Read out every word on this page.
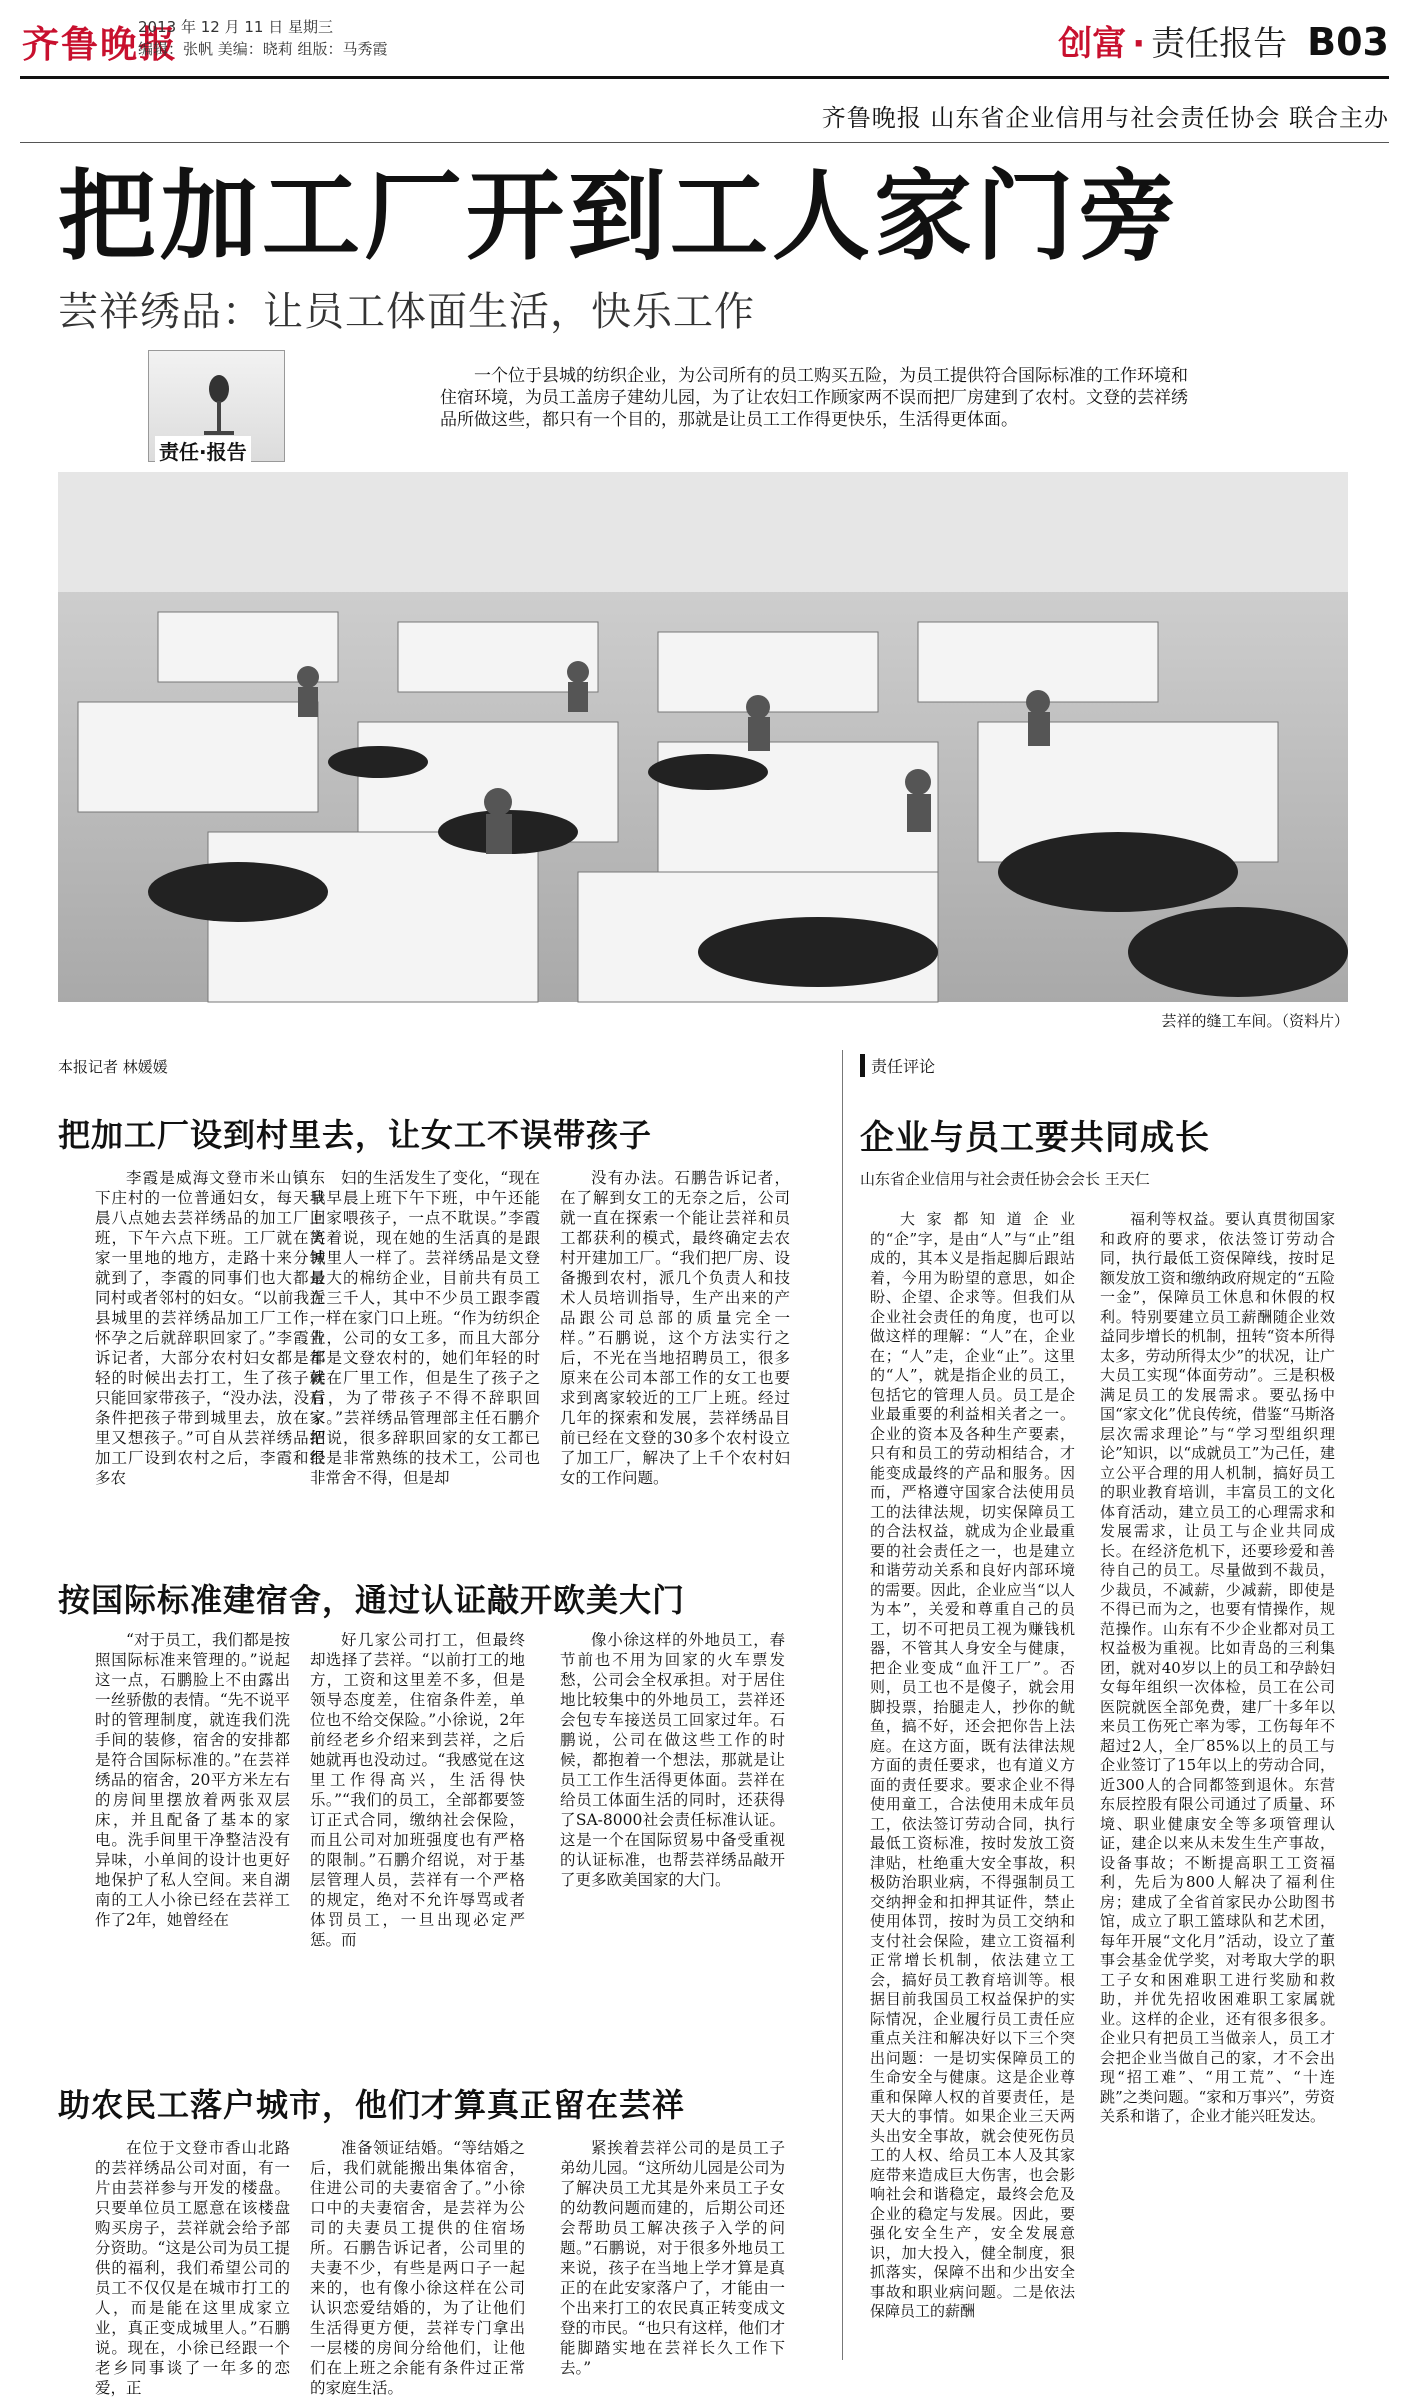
齐鲁晚报
2013 年 12 月 11 日 星期三
编辑：张帆 美编：晓莉 组版：马秀霞	创富 · 责任报告 B03
齐鲁晚报 山东省企业信用与社会责任协会 联合主办
把加工厂开到工人家门旁
芸祥绣品：让员工体面生活，快乐工作
责任·报告
一个位于县城的纺织企业，为公司所有的员工购买五险，为员工提供符合国际标准的工作环境和住宿环境，为员工盖房子建幼儿园，为了让农妇工作顾家两不误而把厂房建到了农村。文登的芸祥绣品所做这些，都只有一个目的，那就是让员工工作得更快乐，生活得更体面。
芸祥的缝工车间。（资料片）
本报记者 林媛媛	责任评论
把加工厂设到村里去，让女工不误带孩子
李霞是威海文登市米山镇东下庄村的一位普通妇女，每天早晨八点她去芸祥绣品的加工厂上班，下午六点下班。工厂就在离家一里地的地方，走路十来分钟就到了，李霞的同事们也大都是同村或者邻村的妇女。“以前我在县城里的芸祥绣品加工厂工作，怀孕之后就辞职回家了。”李霞告诉记者，大部分农村妇女都是年轻的时候出去打工，生了孩子就只能回家带孩子，“没办法，没有条件把孩子带到城里去，放在家里又想孩子。”可自从芸祥绣品把加工厂设到农村之后，李霞和很多农
妇的生活发生了变化，“现在我早晨上班下午下班，中午还能回家喂孩子，一点不耽误。”李霞笑着说，现在她的生活真的是跟城里人一样了。芸祥绣品是文登最大的棉纺企业，目前共有员工近三千人，其中不少员工跟李霞一样在家门口上班。“作为纺织企业，公司的女工多，而且大部分都是文登农村的，她们年轻的时候在厂里工作，但是生了孩子之后，为了带孩子不得不辞职回家。”芸祥绣品管理部主任石鹏介绍说，很多辞职回家的女工都已经是非常熟练的技术工，公司也非常舍不得，但是却
没有办法。石鹏告诉记者，在了解到女工的无奈之后，公司就一直在探索一个能让芸祥和员工都获利的模式，最终确定去农村开建加工厂。“我们把厂房、设备搬到农村，派几个负责人和技术人员培训指导，生产出来的产品跟公司总部的质量完全一样。”石鹏说，这个方法实行之后，不光在当地招聘员工，很多原来在公司本部工作的女工也要求到离家较近的工厂上班。经过几年的探索和发展，芸祥绣品目前已经在文登的30多个农村设立了加工厂，解决了上千个农村妇女的工作问题。
按国际标准建宿舍，通过认证敲开欧美大门
“对于员工，我们都是按照国际标准来管理的。”说起这一点，石鹏脸上不由露出一丝骄傲的表情。“先不说平时的管理制度，就连我们洗手间的装修，宿舍的安排都是符合国际标准的。”在芸祥绣品的宿舍，20平方米左右的房间里摆放着两张双层床，并且配备了基本的家电。洗手间里干净整洁没有异味，小单间的设计也更好地保护了私人空间。来自湖南的工人小徐已经在芸祥工作了2年，她曾经在
好几家公司打工，但最终却选择了芸祥。“以前打工的地方，工资和这里差不多，但是领导态度差，住宿条件差，单位也不给交保险。”小徐说，2年前经老乡介绍来到芸祥，之后她就再也没动过。“我感觉在这里工作得高兴，生活得快乐。”“我们的员工，全部都要签订正式合同，缴纳社会保险，而且公司对加班强度也有严格的限制。”石鹏介绍说，对于基层管理人员，芸祥有一个严格的规定，绝对不允许辱骂或者体罚员工，一旦出现必定严惩。而
像小徐这样的外地员工，春节前也不用为回家的火车票发愁，公司会全权承担。对于居住地比较集中的外地员工，芸祥还会包专车接送员工回家过年。石鹏说，公司在做这些工作的时候，都抱着一个想法，那就是让员工工作生活得更体面。芸祥在给员工体面生活的同时，还获得了SA-8000社会责任标准认证。这是一个在国际贸易中备受重视的认证标准，也帮芸祥绣品敲开了更多欧美国家的大门。
助农民工落户城市，他们才算真正留在芸祥
在位于文登市香山北路的芸祥绣品公司对面，有一片由芸祥参与开发的楼盘。只要单位员工愿意在该楼盘购买房子，芸祥就会给予部分资助。“这是公司为员工提供的福利，我们希望公司的员工不仅仅是在城市打工的人，而是能在这里成家立业，真正变成城里人。”石鹏说。现在，小徐已经跟一个老乡同事谈了一年多的恋爱，正
准备领证结婚。“等结婚之后，我们就能搬出集体宿舍，住进公司的夫妻宿舍了。”小徐口中的夫妻宿舍，是芸祥为公司的夫妻员工提供的住宿场所。石鹏告诉记者，公司里的夫妻不少，有些是两口子一起来的，也有像小徐这样在公司认识恋爱结婚的，为了让他们生活得更方便，芸祥专门拿出一层楼的房间分给他们，让他们在上班之余能有条件过正常的家庭生活。
紧挨着芸祥公司的是员工子弟幼儿园。“这所幼儿园是公司为了解决员工尤其是外来员工子女的幼教问题而建的，后期公司还会帮助员工解决孩子入学的问题。”石鹏说，对于很多外地员工来说，孩子在当地上学才算是真正的在此安家落户了，才能由一个出来打工的农民真正转变成文登的市民。“也只有这样，他们才能脚踏实地在芸祥长久工作下去。”
企业与员工要共同成长
山东省企业信用与社会责任协会会长 王天仁
大家都知道企业的“企”字，是由“人”与“止”组成的，其本义是指起脚后跟站着，今用为盼望的意思，如企盼、企望、企求等。但我们从企业社会责任的角度，也可以做这样的理解：“人”在，企业在；“人”走，企业“止”。这里的“人”，就是指企业的员工，包括它的管理人员。员工是企业最重要的利益相关者之一。企业的资本及各种生产要素，只有和员工的劳动相结合，才能变成最终的产品和服务。因而，严格遵守国家合法使用员工的法律法规，切实保障员工的合法权益，就成为企业最重要的社会责任之一，也是建立和谐劳动关系和良好内部环境的需要。因此，企业应当“以人为本”，关爱和尊重自己的员工，切不可把员工视为赚钱机器，不管其人身安全与健康，把企业变成“血汗工厂”。否则，员工也不是傻子，就会用脚投票，抬腿走人，抄你的鱿鱼，搞不好，还会把你告上法庭。在这方面，既有法律法规方面的责任要求，也有道义方面的责任要求。要求企业不得使用童工，合法使用未成年员工，依法签订劳动合同，执行最低工资标准，按时发放工资津贴，杜绝重大安全事故，积极防治职业病，不得强制员工交纳押金和扣押其证件，禁止使用体罚，按时为员工交纳和支付社会保险，建立工资福利正常增长机制，依法建立工会，搞好员工教育培训等。根据目前我国员工权益保护的实际情况，企业履行员工责任应重点关注和解决好以下三个突出问题：一是切实保障员工的生命安全与健康。这是企业尊重和保障人权的首要责任，是天大的事情。如果企业三天两头出安全事故，就会使死伤员工的人权、给员工本人及其家庭带来造成巨大伤害，也会影响社会和谐稳定，最终会危及企业的稳定与发展。因此，要强化安全生产，安全发展意识，加大投入，健全制度，狠抓落实，保障不出和少出安全事故和职业病问题。二是依法保障员工的薪酬
福利等权益。要认真贯彻国家和政府的要求，依法签订劳动合同，执行最低工资保障线，按时足额发放工资和缴纳政府规定的“五险一金”，保障员工休息和休假的权利。特别要建立员工薪酬随企业效益同步增长的机制，扭转“资本所得太多，劳动所得太少”的状况，让广大员工实现“体面劳动”。三是积极满足员工的发展需求。要弘扬中国“家文化”优良传统，借鉴“马斯洛层次需求理论”与“学习型组织理论”知识，以“成就员工”为己任，建立公平合理的用人机制，搞好员工的职业教育培训，丰富员工的文化体育活动，建立员工的心理需求和发展需求，让员工与企业共同成长。在经济危机下，还要珍爱和善待自己的员工。尽量做到不裁员，少裁员，不减薪，少减薪，即使是不得已而为之，也要有情操作，规范操作。山东有不少企业都对员工权益极为重视。比如青岛的三利集团，就对40岁以上的员工和孕龄妇女每年组织一次体检，员工在公司医院就医全部免费，建厂十多年以来员工伤死亡率为零，工伤每年不超过2人，全厂85%以上的员工与企业签订了15年以上的劳动合同，近300人的合同都签到退休。东营东辰控股有限公司通过了质量、环境、职业健康安全等多项管理认证，建企以来从未发生生产事故，设备事故；不断提高职工工资福利，先后为800人解决了福利住房；建成了全省首家民办公助图书馆，成立了职工篮球队和艺术团，每年开展“文化月”活动，设立了董事会基金优学奖，对考取大学的职工子女和困难职工进行奖励和救助，并优先招收困难职工家属就业。这样的企业，还有很多很多。企业只有把员工当做亲人，员工才会把企业当做自己的家，才不会出现“招工难”、“用工荒”、“十连跳”之类问题。“家和万事兴”，劳资关系和谐了，企业才能兴旺发达。
